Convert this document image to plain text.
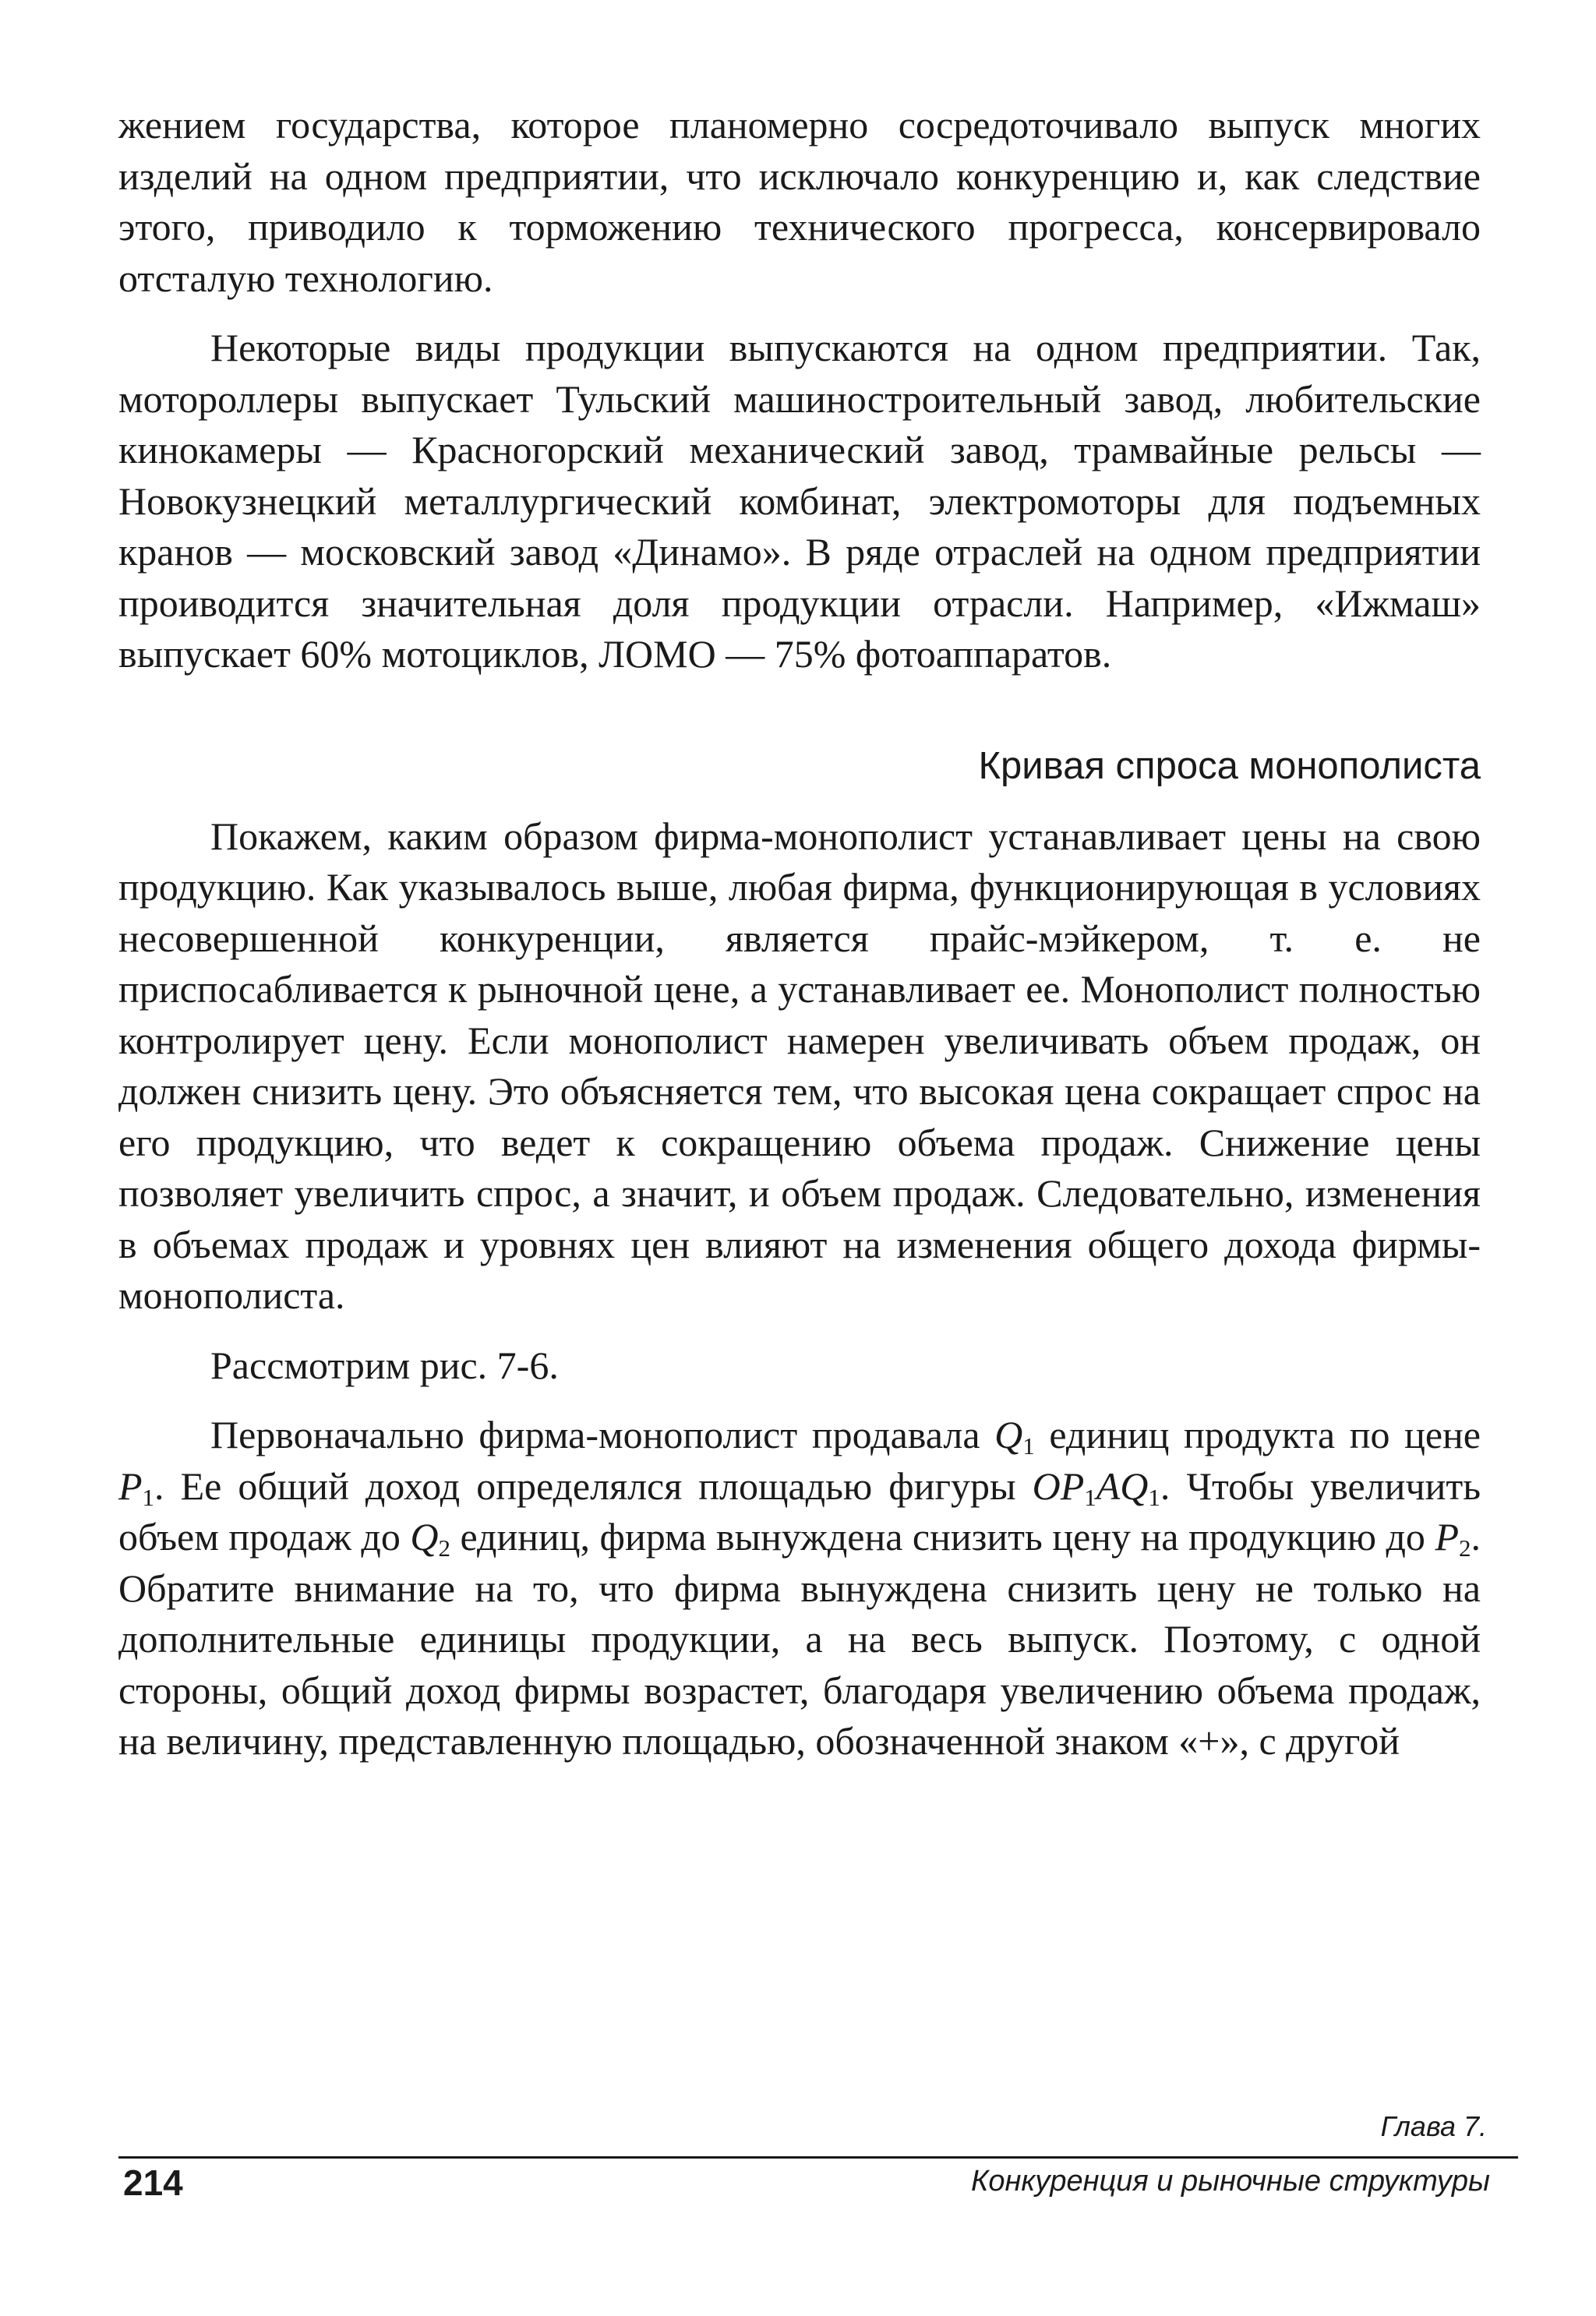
жением государства, которое планомерно сосредоточивало выпуск многих изделий на одном предприятии, что исключало конкуренцию и, как следствие этого, приводило к торможению технического прогресса, консервировало отсталую технологию.

Некоторые виды продукции выпускаются на одном предприятии. Так, мотороллеры выпускает Тульский машиностроительный завод, любительские кинокамеры — Красногорский механический завод, трамвайные рельсы — Новокузнецкий металлургический комбинат, электромоторы для подъемных кранов — московский завод «Динамо». В ряде отраслей на одном предприятии проиводится значительная доля продукции отрасли. Например, «Ижмаш» выпускает 60% мотоциклов, ЛОМО — 75% фотоаппаратов.

Кривая спроса монополиста

Покажем, каким образом фирма-монополист устанавливает цены на свою продукцию. Как указывалось выше, любая фирма, функционирующая в условиях несовершенной конкуренции, является прайс-мэйкером, т. е. не приспосабливается к рыночной цене, а устанавливает ее. Монополист полностью контролирует цену. Если монополист намерен увеличивать объем продаж, он должен снизить цену. Это объясняется тем, что высокая цена сокращает спрос на его продукцию, что ведет к сокращению объема продаж. Снижение цены позволяет увеличить спрос, а значит, и объем продаж. Следовательно, изменения в объемах продаж и уровнях цен влияют на изменения общего дохода фирмы-монополиста.

Рассмотрим рис. 7-6.

Первоначально фирма-монополист продавала $Q_1$ единиц продукта по цене $P_1$. Ее общий доход определялся площадью фигуры $OP_1AQ_1$. Чтобы увеличить объем продаж до $Q_2$ единиц, фирма вынуждена снизить цену на продукцию до $P_2$. Обратите внимание на то, что фирма вынуждена снизить цену не только на дополнительные единицы продукции, а на весь выпуск. Поэтому, с одной стороны, общий доход фирмы возрастет, благодаря увеличению объема продаж, на величину, представленную площадью, обозначенной знаком «+», с другой

Глава 7.
214	Конкуренция и рыночные структуры
